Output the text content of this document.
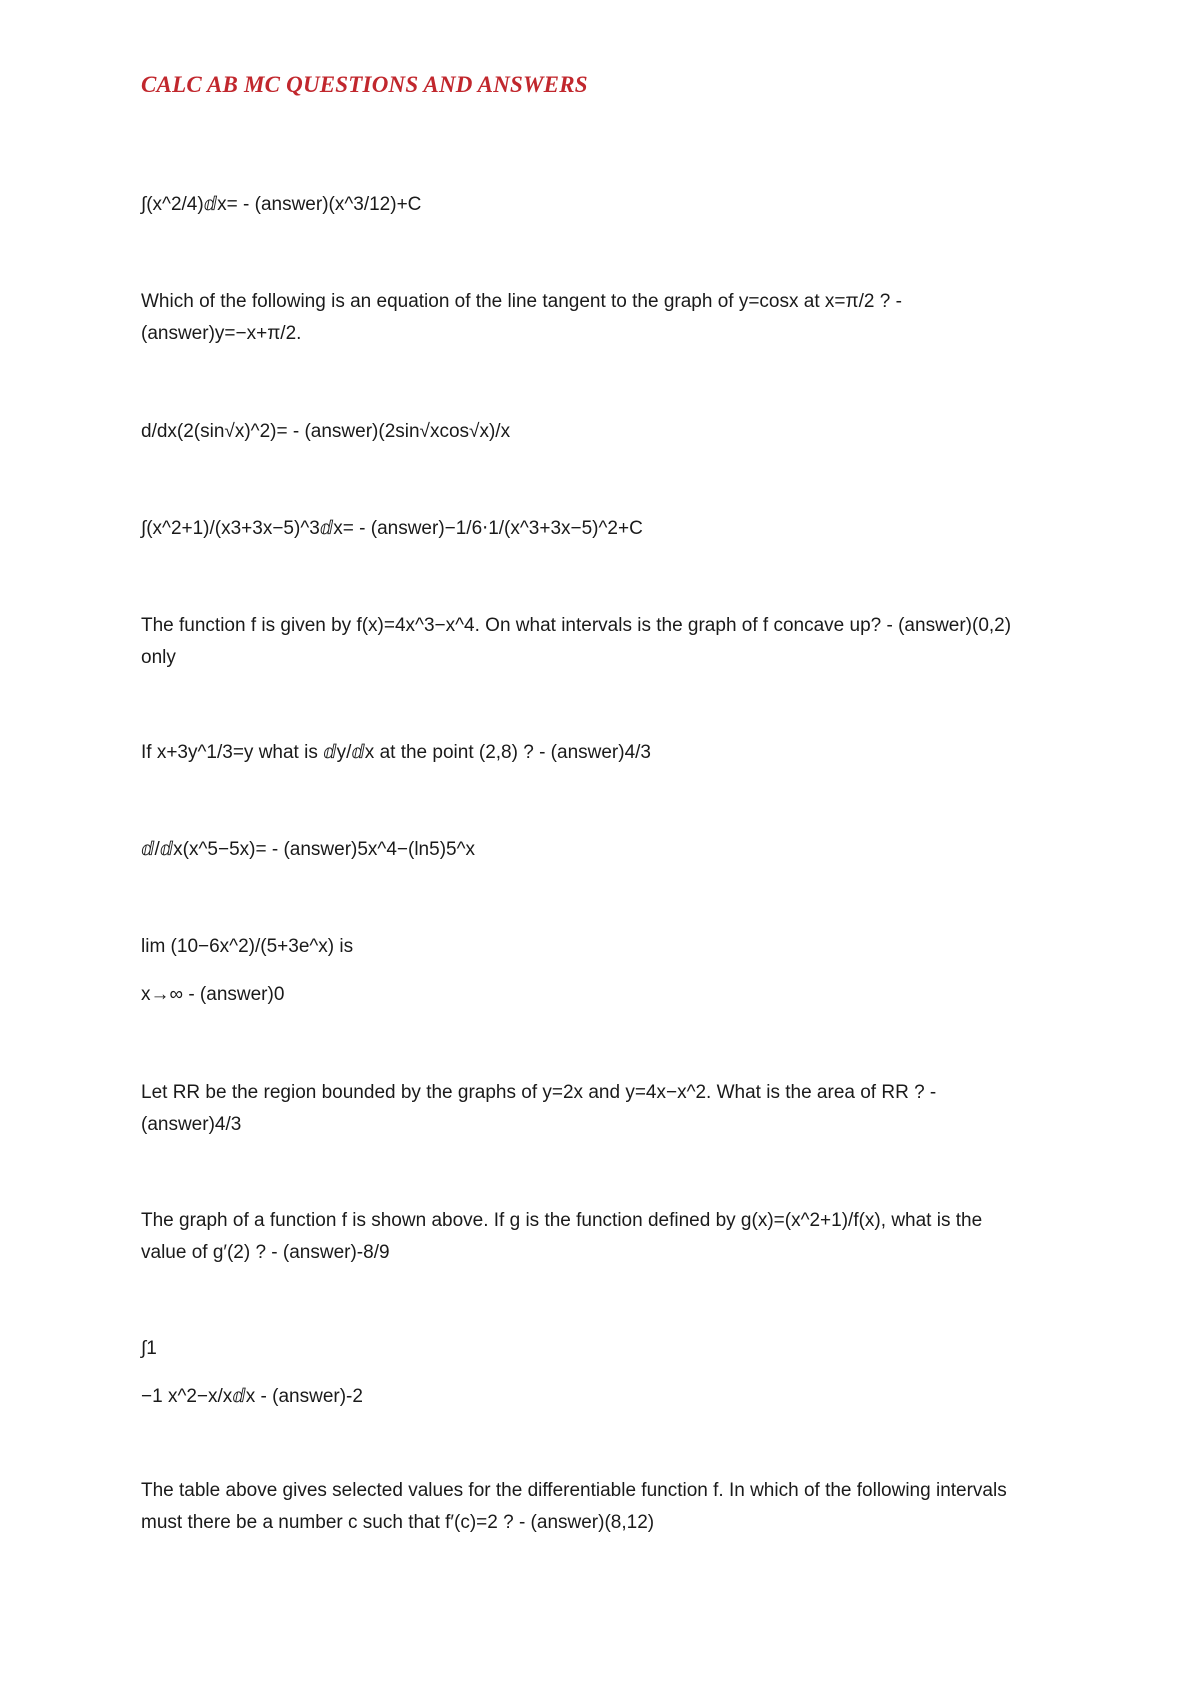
CALC AB MC QUESTIONS AND ANSWERS

∫(x^2/4)ⅆx= - (answer)(x^3/12)+C

Which of the following is an equation of the line tangent to the graph of y=cosx at x=π/2 ? -
(answer)y=−x+π/2.

d/dx(2(sin√x)^2)= - (answer)(2sin√xcos√x)/x

∫(x^2+1)/(x3+3x−5)^3ⅆx= - (answer)−1/6⋅1/(x^3+3x−5)^2+C

The function f is given by f(x)=4x^3−x^4. On what intervals is the graph of f concave up? - (answer)(0,2)
only

If x+3y^1/3=y what is ⅆy/ⅆx at the point (2,8) ? - (answer)4/3

ⅆ/ⅆx(x^5−5x)= - (answer)5x^4−(ln5)5^x

lim (10−6x^2)/(5+3e^x) is
x→∞ - (answer)0

Let RR be the region bounded by the graphs of y=2x and y=4x−x^2. What is the area of RR ? -
(answer)4/3

The graph of a function f is shown above. If g is the function defined by g(x)=(x^2+1)/f(x), what is the
value of g′(2) ? - (answer)-8/9

∫1
−1 x^2−x/xⅆx - (answer)-2

The table above gives selected values for the differentiable function f. In which of the following intervals
must there be a number c such that f′(c)=2 ? - (answer)(8,12)
